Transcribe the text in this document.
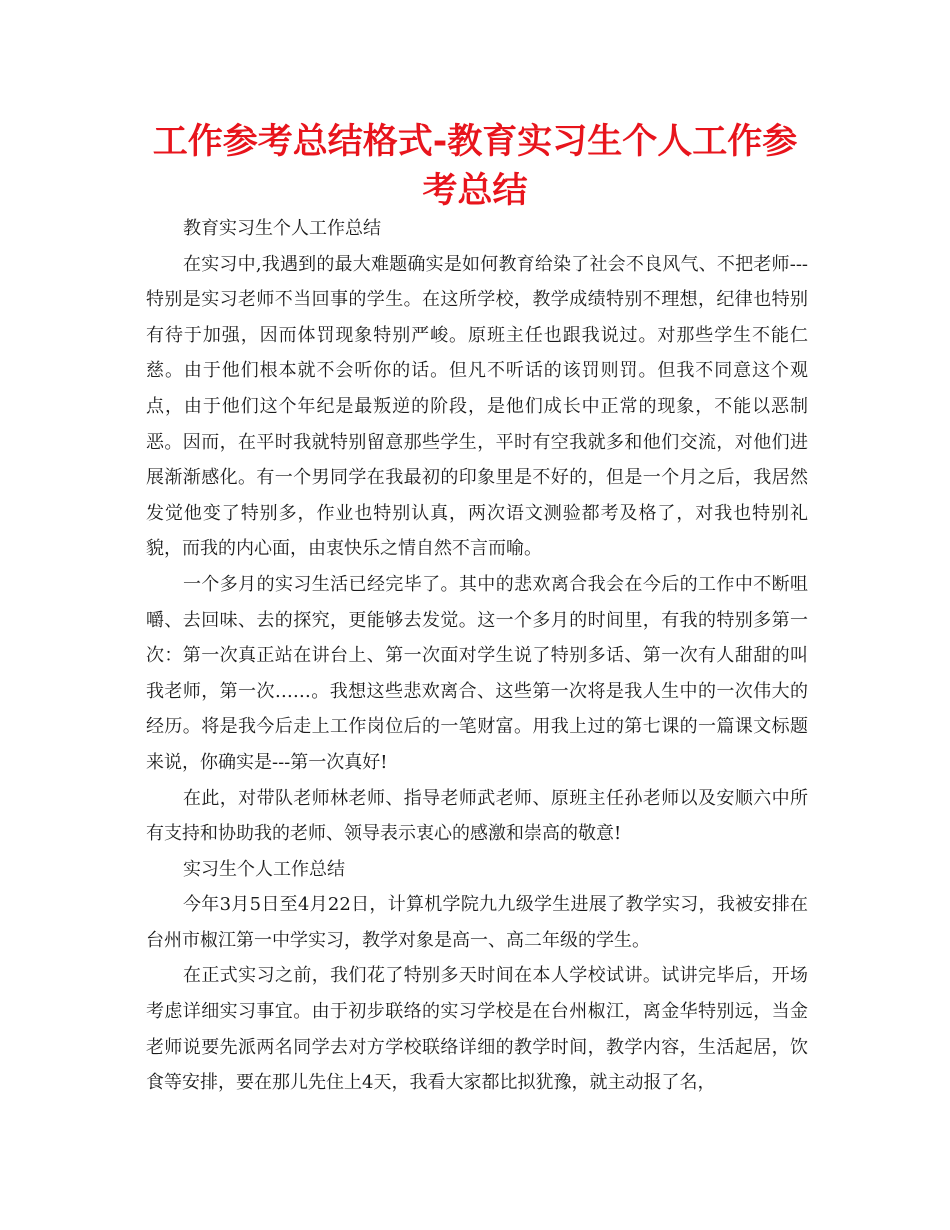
工作参考总结格式-教育实习生个人工作参考总结

教育实习生个人工作总结

在实习中,我遇到的最大难题确实是如何教育给染了社会不良风气、不把老师---特别是实习老师不当回事的学生。在这所学校，教学成绩特别不理想，纪律也特别有待于加强，因而体罚现象特别严峻。原班主任也跟我说过。对那些学生不能仁慈。由于他们根本就不会听你的话。但凡不听话的该罚则罚。但我不同意这个观点，由于他们这个年纪是最叛逆的阶段，是他们成长中正常的现象，不能以恶制恶。因而，在平时我就特别留意那些学生，平时有空我就多和他们交流，对他们进展渐渐感化。有一个男同学在我最初的印象里是不好的，但是一个月之后，我居然发觉他变了特别多，作业也特别认真，两次语文测验都考及格了，对我也特别礼貌，而我的内心面，由衷快乐之情自然不言而喻。

一个多月的实习生活已经完毕了。其中的悲欢离合我会在今后的工作中不断咀嚼、去回味、去的探究，更能够去发觉。这一个多月的时间里，有我的特别多第一次：第一次真正站在讲台上、第一次面对学生说了特别多话、第一次有人甜甜的叫我老师，第一次……。我想这些悲欢离合、这些第一次将是我人生中的一次伟大的经历。将是我今后走上工作岗位后的一笔财富。用我上过的第七课的一篇课文标题来说，你确实是---第一次真好!

在此，对带队老师林老师、指导老师武老师、原班主任孙老师以及安顺六中所有支持和协助我的老师、领导表示衷心的感激和崇高的敬意!

实习生个人工作总结

今年3月5日至4月22日，计算机学院九九级学生进展了教学实习，我被安排在台州市椒江第一中学实习，教学对象是高一、高二年级的学生。

在正式实习之前，我们花了特别多天时间在本人学校试讲。试讲完毕后，开场考虑详细实习事宜。由于初步联络的实习学校是在台州椒江，离金华特别远，当金老师说要先派两名同学去对方学校联络详细的教学时间，教学内容，生活起居，饮食等安排，要在那儿先住上4天，我看大家都比拟犹豫，就主动报了名，
